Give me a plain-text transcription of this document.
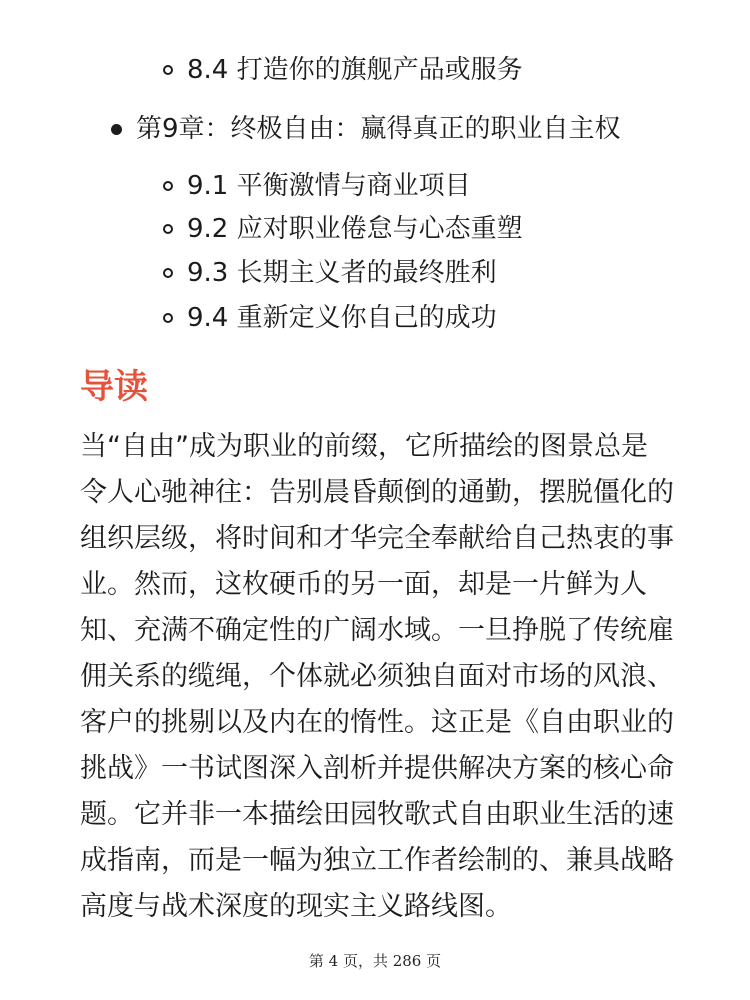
8.4 打造你的旗舰产品或服务
第9章：终极自由：赢得真正的职业自主权
9.1 平衡激情与商业项目
9.2 应对职业倦怠与心态重塑
9.3 长期主义者的最终胜利
9.4 重新定义你自己的成功
导读
当“自由”成为职业的前缀，它所描绘的图景总是
令人心驰神往：告别晨昏颠倒的通勤，摆脱僵化的
组织层级，将时间和才华完全奉献给自己热衷的事
业。然而，这枚硬币的另一面，却是一片鲜为人
知、充满不确定性的广阔水域。一旦挣脱了传统雇
佣关系的缆绳，个体就必须独自面对市场的风浪、
客户的挑剔以及内在的惰性。这正是《自由职业的
挑战》一书试图深入剖析并提供解决方案的核心命
题。它并非一本描绘田园牧歌式自由职业生活的速
成指南，而是一幅为独立工作者绘制的、兼具战略
高度与战术深度的现实主义路线图。
第 4 页，共 286 页
